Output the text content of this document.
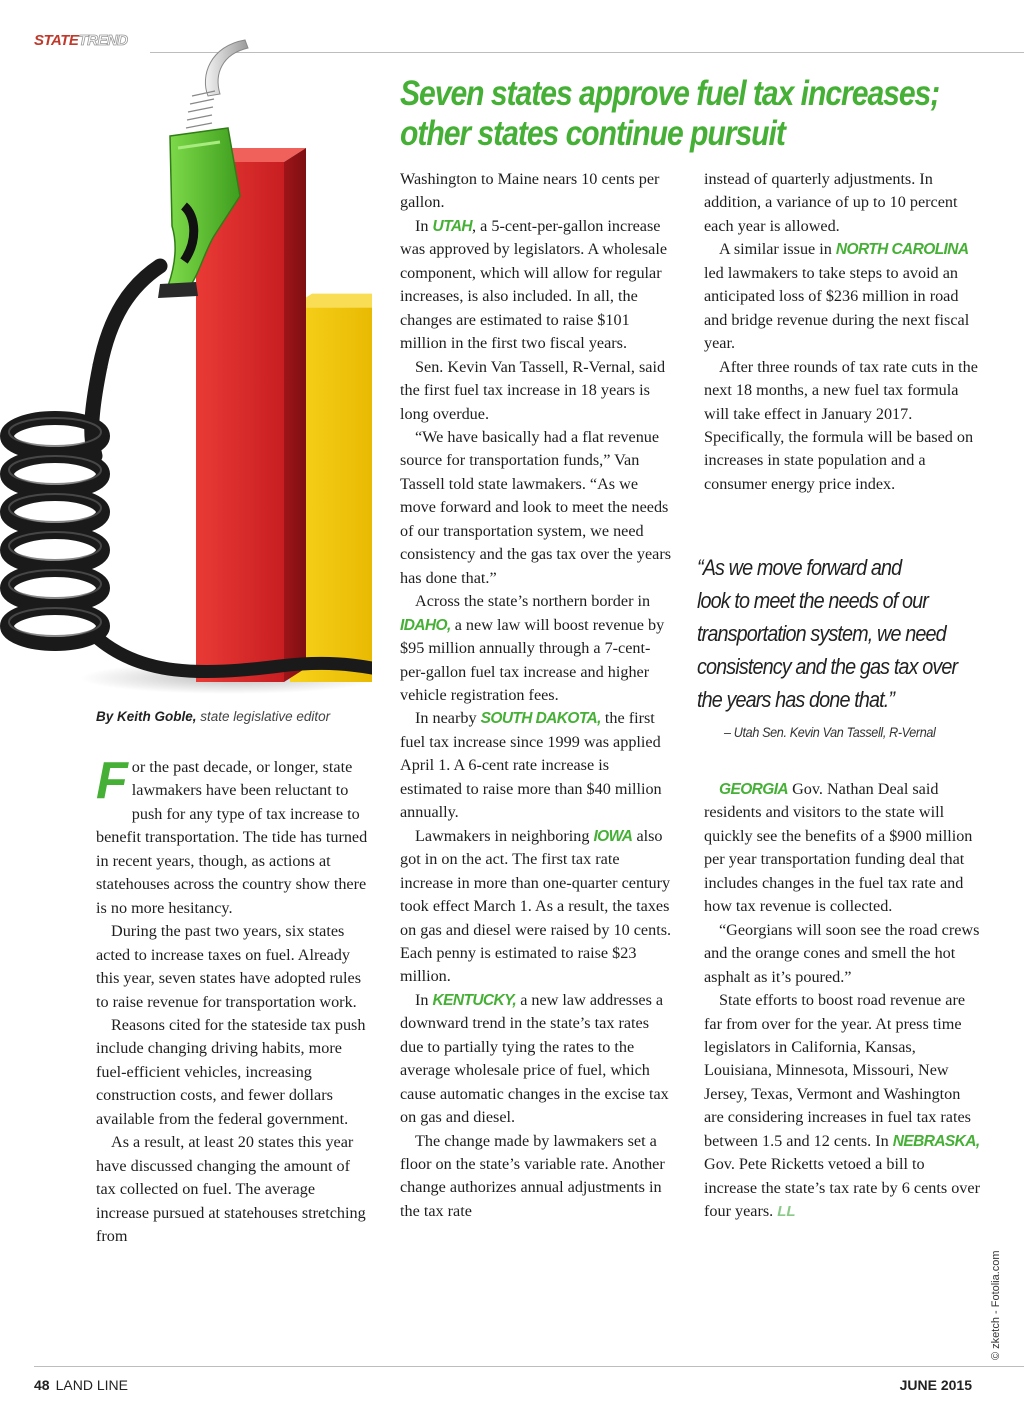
STATETREND
Seven states approve fuel tax increases;
other states continue pursuit
By Keith Goble, state legislative editor

For the past decade, or longer, state lawmakers have been reluctant to push for any type of tax increase to benefit transportation. The tide has turned in recent years, though, as actions at statehouses across the country show there is no more hesitancy.

During the past two years, six states acted to increase taxes on fuel. Already this year, seven states have adopted rules to raise revenue for transportation work.

Reasons cited for the stateside tax push include changing driving habits, more fuel-efficient vehicles, increasing construction costs, and fewer dollars available from the federal government.

As a result, at least 20 states this year have discussed changing the amount of tax collected on fuel. The average increase pursued at statehouses stretching from

Washington to Maine nears 10 cents per gallon.

In UTAH, a 5-cent-per-gallon increase was approved by legislators. A wholesale component, which will allow for regular increases, is also included. In all, the changes are estimated to raise $101 million in the first two fiscal years.

Sen. Kevin Van Tassell, R-Vernal, said the first fuel tax increase in 18 years is long overdue.

“We have basically had a flat revenue source for transportation funds,” Van Tassell told state lawmakers. “As we move forward and look to meet the needs of our transportation system, we need consistency and the gas tax over the years has done that.”

Across the state’s northern border in IDAHO, a new law will boost revenue by $95 million annually through a 7-cent-per-gallon fuel tax increase and higher vehicle registration fees.

In nearby SOUTH DAKOTA, the first fuel tax increase since 1999 was applied April 1. A 6-cent rate increase is estimated to raise more than $40 million annually.

Lawmakers in neighboring IOWA also got in on the act. The first tax rate increase in more than one-quarter century took effect March 1. As a result, the taxes on gas and diesel were raised by 10 cents. Each penny is estimated to raise $23 million.

In KENTUCKY, a new law addresses a downward trend in the state’s tax rates due to partially tying the rates to the average wholesale price of fuel, which cause automatic changes in the excise tax on gas and diesel.

The change made by lawmakers set a floor on the state’s variable rate. Another change authorizes annual adjustments in the tax rate

instead of quarterly adjustments. In addition, a variance of up to 10 percent each year is allowed.

A similar issue in NORTH CAROLINA led lawmakers to take steps to avoid an anticipated loss of $236 million in road and bridge revenue during the next fiscal year.

After three rounds of tax rate cuts in the next 18 months, a new fuel tax formula will take effect in January 2017. Specifically, the formula will be based on increases in state population and a consumer energy price index.

“As we move forward and
look to meet the needs of our
transportation system, we need
consistency and the gas tax over
the years has done that.”
– Utah Sen. Kevin Van Tassell, R-Vernal

GEORGIA Gov. Nathan Deal said residents and visitors to the state will quickly see the benefits of a $900 million per year transportation funding deal that includes changes in the fuel tax rate and how tax revenue is collected.

“Georgians will soon see the road crews and the orange cones and smell the hot asphalt as it’s poured.”

State efforts to boost road revenue are far from over for the year. At press time legislators in California, Kansas, Louisiana, Minnesota, Missouri, New Jersey, Texas, Vermont and Washington are considering increases in fuel tax rates between 1.5 and 12 cents. In NEBRASKA, Gov. Pete Ricketts vetoed a bill to increase the state’s tax rate by 6 cents over four years. LL

© zketch - Fotolia.com
48 LAND LINE	JUNE 2015
